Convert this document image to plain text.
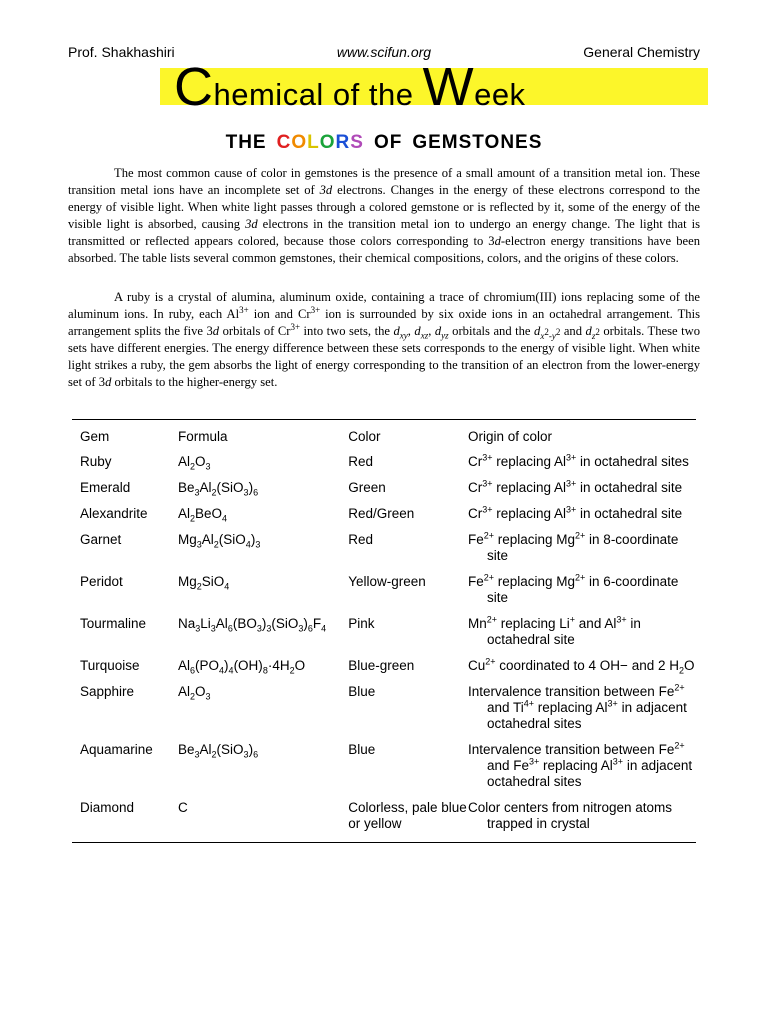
Prof. Shakhashiri	www.scifun.org	General Chemistry
Chemical of the Week
THE COLORS OF GEMSTONES

The most common cause of color in gemstones is the presence of a small amount of a transition metal ion. These transition metal ions have an incomplete set of 3d electrons. Changes in the energy of these electrons correspond to the energy of visible light. When white light passes through a colored gemstone or is reflected by it, some of the energy of the visible light is absorbed, causing 3d electrons in the transition metal ion to undergo an energy change. The light that is transmitted or reflected appears colored, because those colors corresponding to 3d-electron energy transitions have been absorbed. The table lists several common gemstones, their chemical compositions, colors, and the origins of these colors.

A ruby is a crystal of alumina, aluminum oxide, containing a trace of chromium(III) ions replacing some of the aluminum ions. In ruby, each $Al^{3+}$ ion and $Cr^{3+}$ ion is surrounded by six oxide ions in an octahedral arrangement. This arrangement splits the five 3d orbitals of $Cr^{3+}$ into two sets, the $d_{xy}$, $d_{xz}$, $d_{yz}$ orbitals and the $d_{x^2-y^2}$ and $d_{z^2}$ orbitals. These two sets have different energies. The energy difference between these sets corresponds to the energy of visible light. When white light strikes a ruby, the gem absorbs the light of energy corresponding to the transition of an electron from the lower-energy set of 3d orbitals to the higher-energy set.

Gem	Formula	Color	Origin of color
Ruby	$Al_2O_3$	Red	$Cr^{3+}$ replacing $Al^{3+}$ in octahedral sites
Emerald	$Be_3Al_2(SiO_3)_6$	Green	$Cr^{3+}$ replacing $Al^{3+}$ in octahedral site
Alexandrite	$Al_2BeO_4$	Red/Green	$Cr^{3+}$ replacing $Al^{3+}$ in octahedral site
Garnet	$Mg_3Al_2(SiO_4)_3$	Red	$Fe^{2+}$ replacing $Mg^{2+}$ in 8-coordinate site
Peridot	$Mg_2SiO_4$	Yellow-green	$Fe^{2+}$ replacing $Mg^{2+}$ in 6-coordinate site
Tourmaline	$Na_3Li_3Al_6(BO_3)_3(SiO_3)_6F_4$	Pink	$Mn^{2+}$ replacing Li+ and $Al^{3+}$ in octahedral site
Turquoise	$Al_6(PO_4)_4(OH)_8\cdot 4H_2O$	Blue-green	$Cu^{2+}$ coordinated to 4 OH− and 2 $H_2O$
Sapphire	$Al_2O_3$	Blue	Intervalence transition between $Fe^{2+}$ and $Ti^{4+}$ replacing $Al^{3+}$ in adjacent octahedral sites
Aquamarine	$Be_3Al_2(SiO_3)_6$	Blue	Intervalence transition between $Fe^{2+}$ and $Fe^{3+}$ replacing $Al^{3+}$ in adjacent octahedral sites
Diamond	C	Colorless, pale blue or yellow	Color centers from nitrogen atoms trapped in crystal
